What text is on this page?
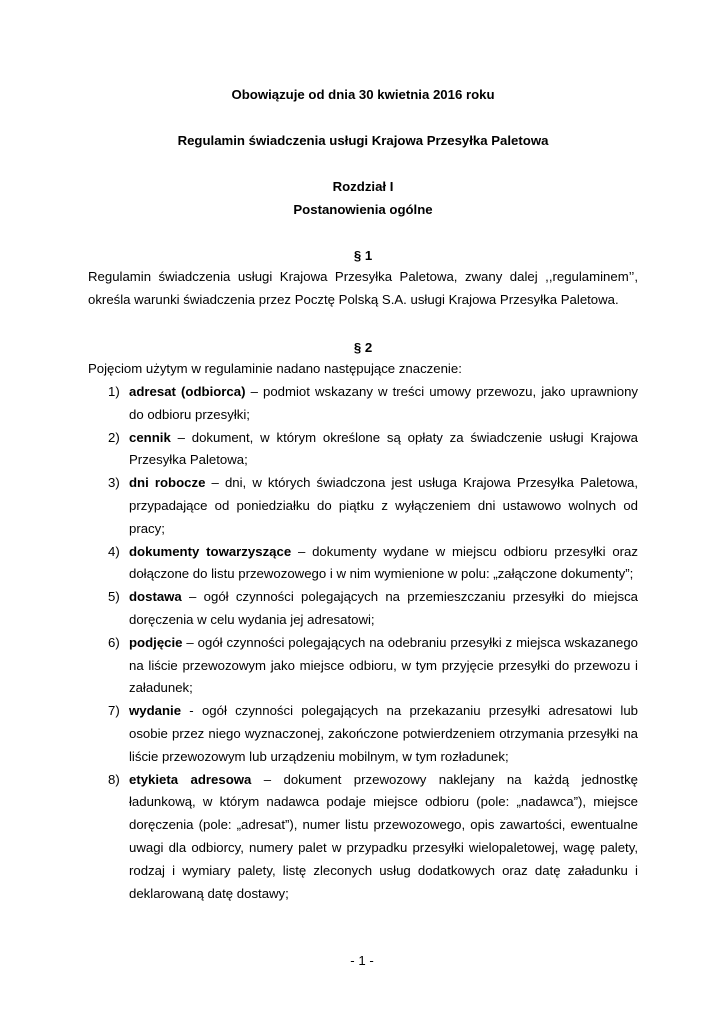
Obowiązuje od dnia 30 kwietnia 2016 roku
Regulamin świadczenia usługi Krajowa Przesyłka Paletowa
Rozdział I
Postanowienia ogólne
§ 1
Regulamin świadczenia usługi Krajowa Przesyłka Paletowa, zwany dalej ,,regulaminem’’, określa warunki świadczenia przez Pocztę Polską S.A. usługi Krajowa Przesyłka Paletowa.
§ 2
Pojęciom użytym w regulaminie nadano następujące znaczenie:
1) adresat (odbiorca) – podmiot wskazany w treści umowy przewozu, jako uprawniony do odbioru przesyłki;
2) cennik – dokument, w którym określone są opłaty za świadczenie usługi Krajowa Przesyłka Paletowa;
3) dni robocze – dni, w których świadczona jest usługa Krajowa Przesyłka Paletowa, przypadające od poniedziałku do piątku z wyłączeniem dni ustawowo wolnych od pracy;
4) dokumenty towarzyszące – dokumenty wydane w miejscu odbioru przesyłki oraz dołączone do listu przewozowego i w nim wymienione w polu: „załączone dokumenty”;
5) dostawa – ogół czynności polegających na przemieszczaniu przesyłki do miejsca doręczenia w celu wydania jej adresatowi;
6) podjęcie – ogół czynności polegających na odebraniu przesyłki z miejsca wskazanego na liście przewozowym jako miejsce odbioru, w tym przyjęcie przesyłki do przewozu i załadunek;
7) wydanie - ogół czynności polegających na przekazaniu przesyłki adresatowi lub osobie przez niego wyznaczonej, zakończone potwierdzeniem otrzymania przesyłki na liście przewozowym lub urządzeniu mobilnym, w tym rozładunek;
8) etykieta adresowa – dokument przewozowy naklejany na każdą jednostkę ładunkową, w którym nadawca podaje miejsce odbioru (pole: „nadawca”), miejsce doręczenia (pole: „adresat”), numer listu przewozowego, opis zawartości, ewentualne uwagi dla odbiorcy, numery palet w przypadku przesyłki wielopaletowej, wagę palety, rodzaj i wymiary palety, listę zleconych usług dodatkowych oraz datę załadunku i deklarowaną datę dostawy;
- 1 -
